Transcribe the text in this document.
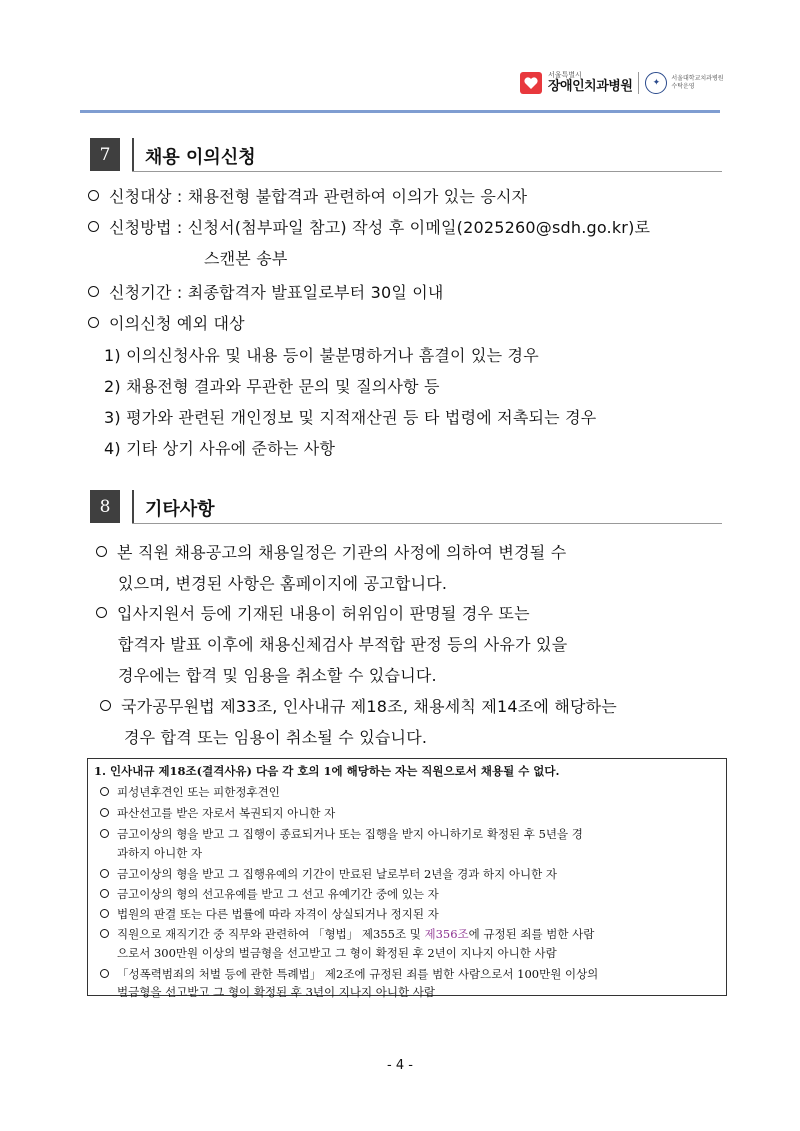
서울특별시
장애인치과병원	✦	서울대학교치과병원
수탁운영
7	채용 이의신청
신청대상 : 채용전형 불합격과 관련하여 이의가 있는 응시자
신청방법 : 신청서(첨부파일 참고) 작성 후 이메일(2025260@sdh.go.kr)로
스캔본 송부
신청기간 : 최종합격자 발표일로부터 30일 이내
이의신청 예외 대상
1) 이의신청사유 및 내용 등이 불분명하거나 흠결이 있는 경우
2) 채용전형 결과와 무관한 문의 및 질의사항 등
3) 평가와 관련된 개인정보 및 지적재산권 등 타 법령에 저촉되는 경우
4) 기타 상기 사유에 준하는 사항
8	기타사항
본 직원 채용공고의 채용일정은 기관의 사정에 의하여 변경될 수
있으며, 변경된 사항은 홈페이지에 공고합니다.
입사지원서 등에 기재된 내용이 허위임이 판명될 경우 또는
합격자 발표 이후에 채용신체검사 부적합 판정 등의 사유가 있을
경우에는 합격 및 임용을 취소할 수 있습니다.
국가공무원법 제33조, 인사내규 제18조, 채용세칙 제14조에 해당하는
경우 합격 또는 임용이 취소될 수 있습니다.
1. 인사내규 제18조(결격사유) 다음 각 호의 1에 해당하는 자는 직원으로서 채용될 수 없다.
피성년후견인 또는 피한정후견인
파산선고를 받은 자로서 복권되지 아니한 자
금고이상의 형을 받고 그 집행이 종료되거나 또는 집행을 받지 아니하기로 확정된 후 5년을 경
과하지 아니한 자
금고이상의 형을 받고 그 집행유예의 기간이 만료된 날로부터 2년을 경과 하지 아니한 자
금고이상의 형의 선고유예를 받고 그 선고 유예기간 중에 있는 자
법원의 판결 또는 다른 법률에 따라 자격이 상실되거나 정지된 자
직원으로 재직기간 중 직무와 관련하여 「형법」 제355조 및 제356조에 규정된 죄를 범한 사람
으로서 300만원 이상의 벌금형을 선고받고 그 형이 확정된 후 2년이 지나지 아니한 사람
「성폭력범죄의 처벌 등에 관한 특례법」 제2조에 규정된 죄를 범한 사람으로서 100만원 이상의
벌금형을 선고받고 그 형이 확정된 후 3년이 지나지 아니한 사람
- 4 -
